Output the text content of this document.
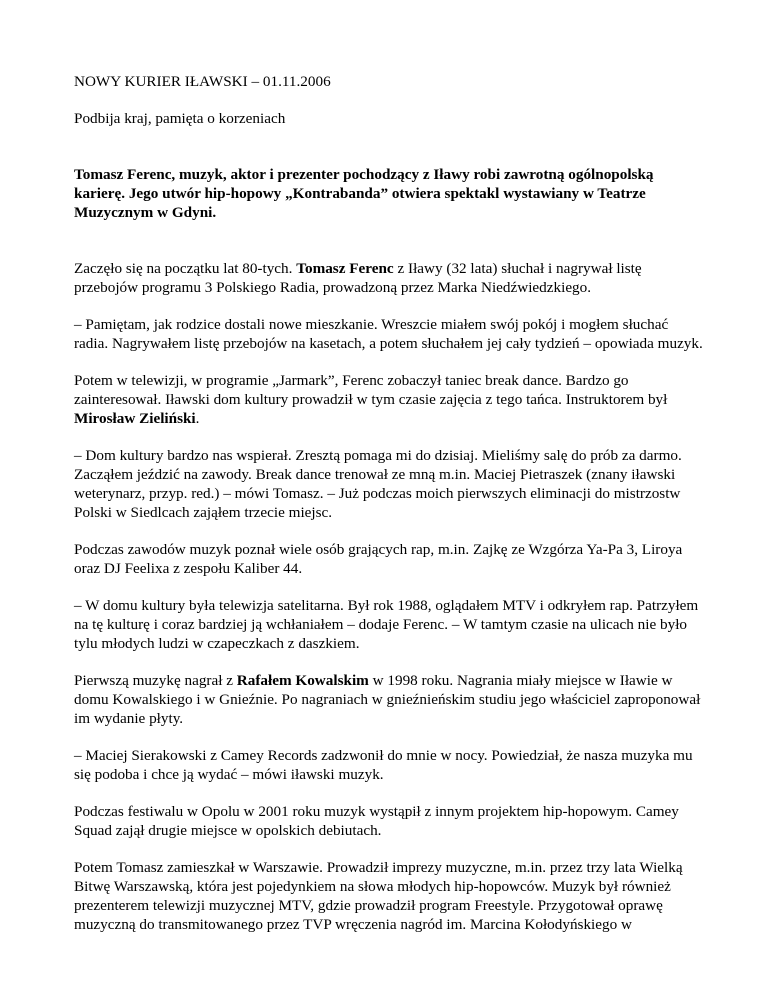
NOWY KURIER IŁAWSKI – 01.11.2006

Podbija kraj, pamięta o korzeniach

Tomasz Ferenc, muzyk, aktor i prezenter pochodzący z Iławy robi zawrotną ogólnopolską karierę. Jego utwór hip-hopowy „Kontrabanda” otwiera spektakl wystawiany w Teatrze Muzycznym w Gdyni.

Zaczęło się na początku lat 80-tych. Tomasz Ferenc z Iławy (32 lata) słuchał i nagrywał listę przebojów programu 3 Polskiego Radia, prowadzoną przez Marka Niedźwiedzkiego.

– Pamiętam, jak rodzice dostali nowe mieszkanie. Wreszcie miałem swój pokój i mogłem słuchać radia. Nagrywałem listę przebojów na kasetach, a potem słuchałem jej cały tydzień – opowiada muzyk.

Potem w telewizji, w programie „Jarmark”, Ferenc zobaczył taniec break dance. Bardzo go zainteresował. Iławski dom kultury prowadził w tym czasie zajęcia z tego tańca. Instruktorem był Mirosław Zieliński.

– Dom kultury bardzo nas wspierał. Zresztą pomaga mi do dzisiaj. Mieliśmy salę do prób za darmo. Zacząłem jeździć na zawody. Break dance trenował ze mną m.in. Maciej Pietraszek (znany iławski weterynarz, przyp. red.) – mówi Tomasz. – Już podczas moich pierwszych eliminacji do mistrzostw Polski w Siedlcach zająłem trzecie miejsc.

Podczas zawodów muzyk poznał wiele osób grających rap, m.in. Zajkę ze Wzgórza Ya-Pa 3, Liroya oraz DJ Feelixa z zespołu Kaliber 44.

– W domu kultury była telewizja satelitarna. Był rok 1988, oglądałem MTV i odkryłem rap. Patrzyłem na tę kulturę i coraz bardziej ją wchłaniałem – dodaje Ferenc. – W tamtym czasie na ulicach nie było tylu młodych ludzi w czapeczkach z daszkiem.

Pierwszą muzykę nagrał z Rafałem Kowalskim w 1998 roku. Nagrania miały miejsce w Iławie w domu Kowalskiego i w Gnieźnie. Po nagraniach w gnieźnieńskim studiu jego właściciel zaproponował im wydanie płyty.

– Maciej Sierakowski z Camey Records zadzwonił do mnie w nocy. Powiedział, że nasza muzyka mu się podoba i chce ją wydać – mówi iławski muzyk.

Podczas festiwalu w Opolu w 2001 roku muzyk wystąpił z innym projektem hip-hopowym. Camey Squad zajął drugie miejsce w opolskich debiutach.

Potem Tomasz zamieszkał w Warszawie. Prowadził imprezy muzyczne, m.in. przez trzy lata Wielką Bitwę Warszawską, która jest pojedynkiem na słowa młodych hip-hopowców. Muzyk był również prezenterem telewizji muzycznej MTV, gdzie prowadził program Freestyle. Przygotował oprawę muzyczną do transmitowanego przez TVP wręczenia nagród im. Marcina Kołodyńskiego w
